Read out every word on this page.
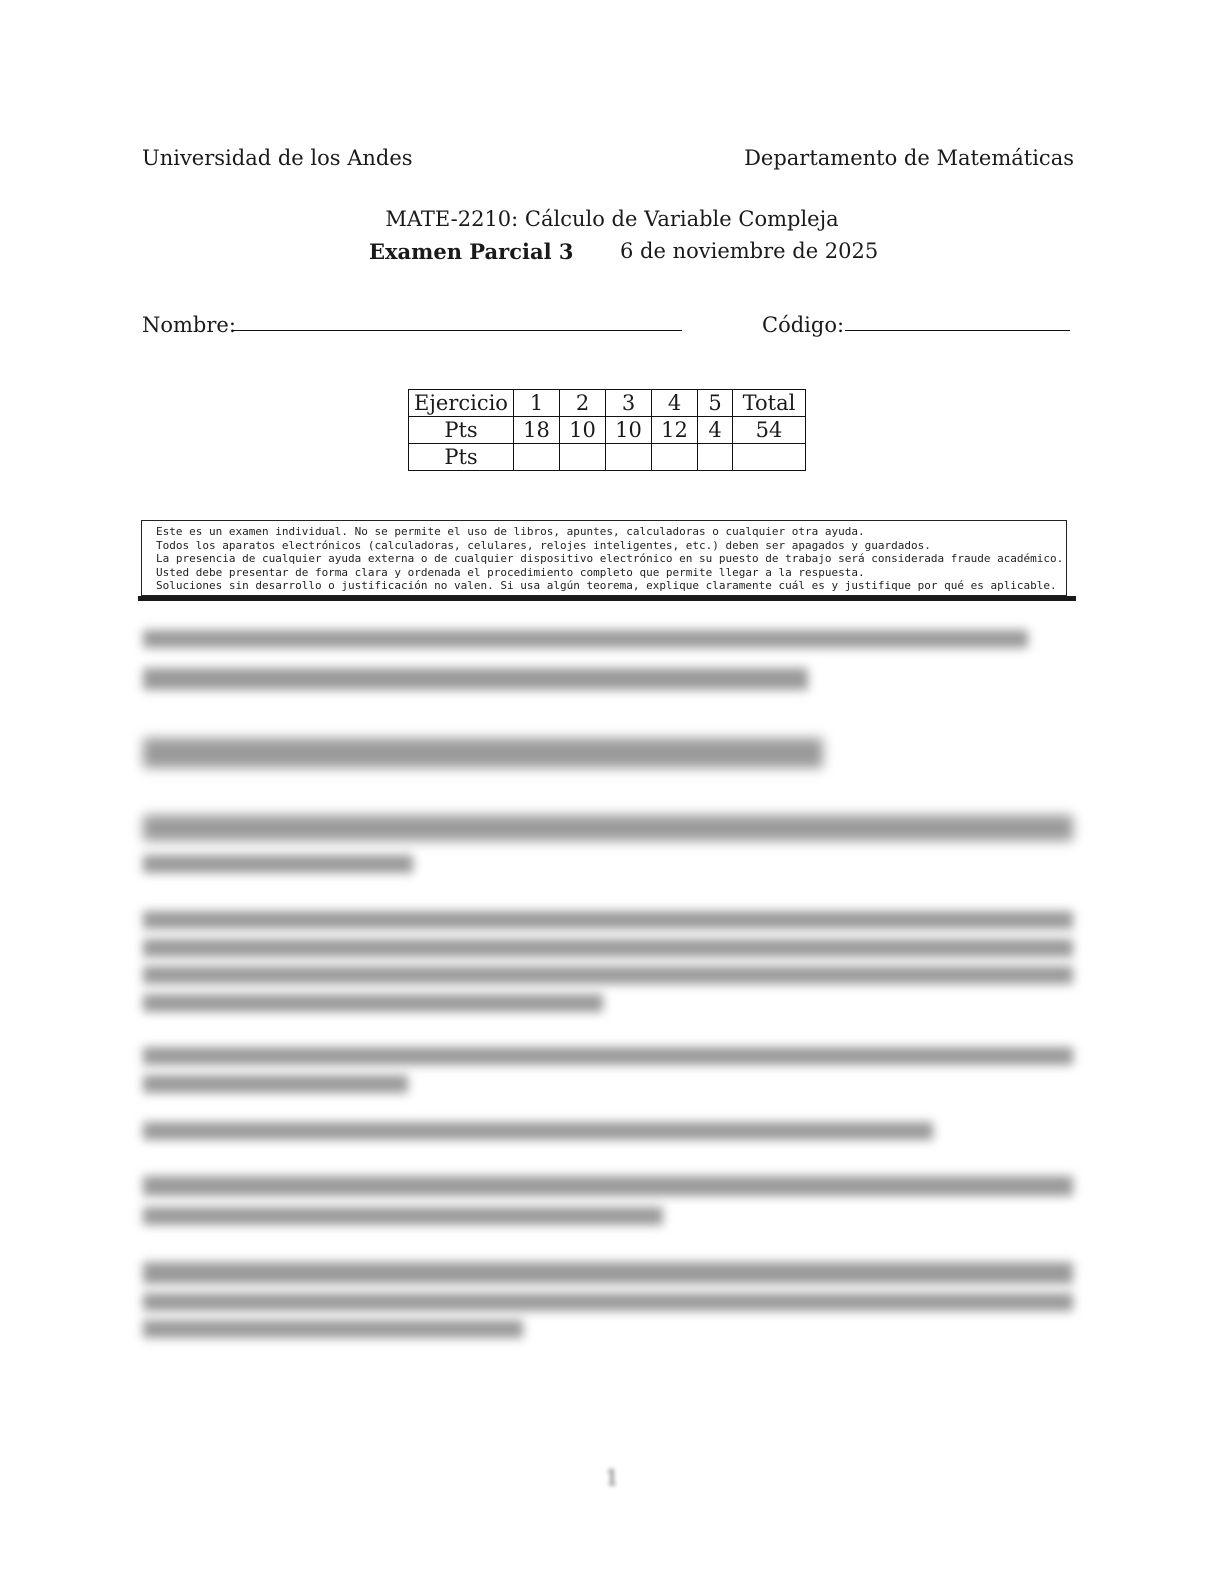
Universidad de los Andes	Departamento de Matemáticas
MATE-2210: Cálculo de Variable Compleja
Examen Parcial 3 6 de noviembre de 2025
Nombre:	Código:
Ejercicio	1	2	3	4	5	Total
Pts	18	10	10	12	4	54
Pts						
Este es un examen individual. No se permite el uso de libros, apuntes, calculadoras o cualquier otra ayuda.
Todos los aparatos electrónicos (calculadoras, celulares, relojes inteligentes, etc.) deben ser apagados y guardados.
La presencia de cualquier ayuda externa o de cualquier dispositivo electrónico en su puesto de trabajo será considerada fraude académico.
Usted debe presentar de forma clara y ordenada el procedimiento completo que permite llegar a la respuesta.
Soluciones sin desarrollo o justificación no valen. Si usa algún teorema, explique claramente cuál es y justifique por qué es aplicable.
1
